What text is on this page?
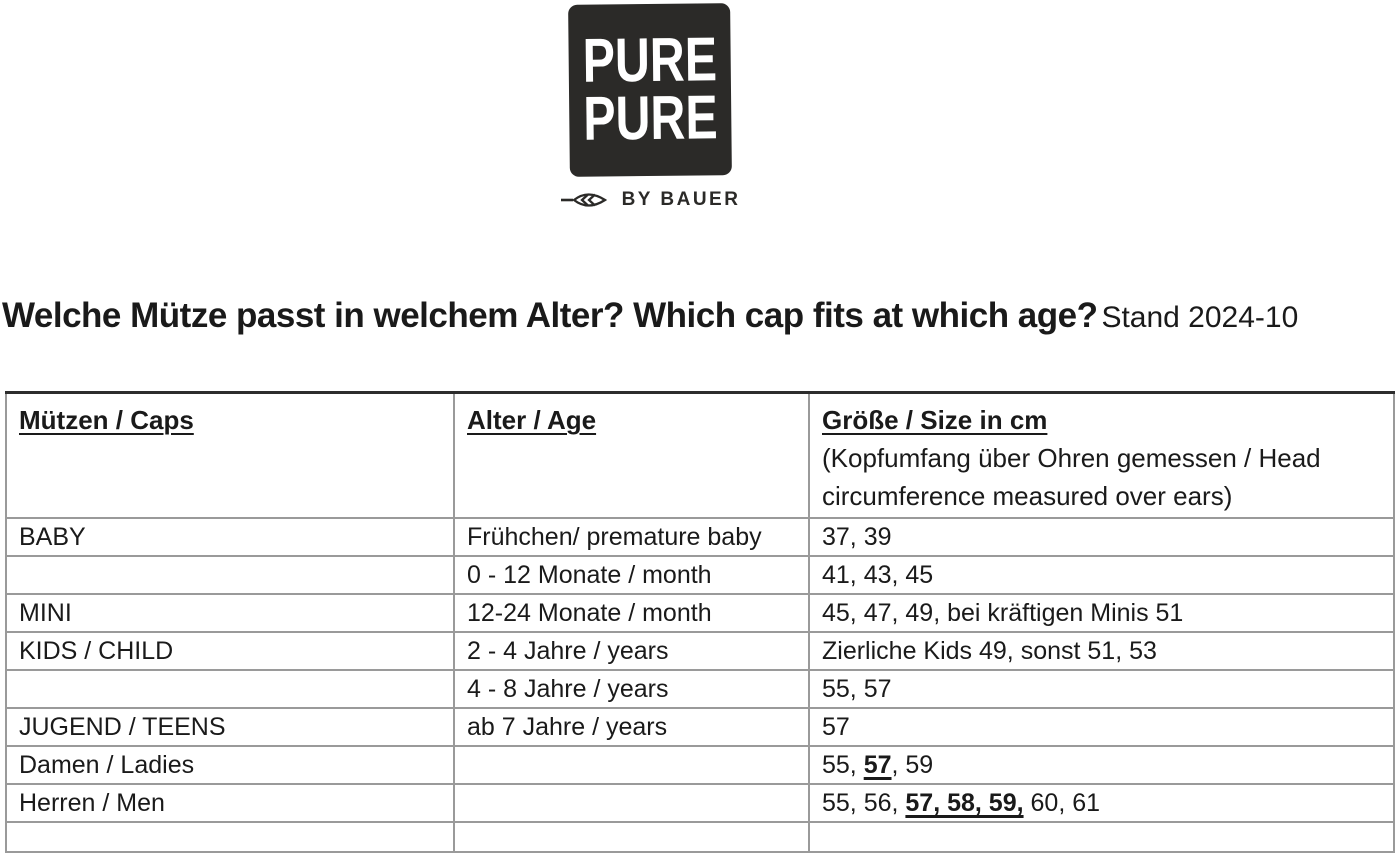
PURE
PURE
BY BAUER
Welche Mütze passt in welchem Alter? Which cap fits at which age? Stand 2024-10
Mützen / Caps	Alter / Age	Größe / Size in cm
(Kopfumfang über Ohren gemessen / Head circumference measured over ears)

BABY	Frühchen/ premature baby	37, 39
	0 - 12 Monate / month	41, 43, 45
MINI	12-24 Monate / month	45, 47, 49, bei kräftigen Minis 51
KIDS / CHILD	2 - 4 Jahre / years	Zierliche Kids 49, sonst 51, 53
	4 - 8 Jahre / years	55, 57
JUGEND / TEENS	ab 7 Jahre / years	57
Damen / Ladies		55, 57, 59
Herren / Men		55, 56, 57, 58, 59, 60, 61
